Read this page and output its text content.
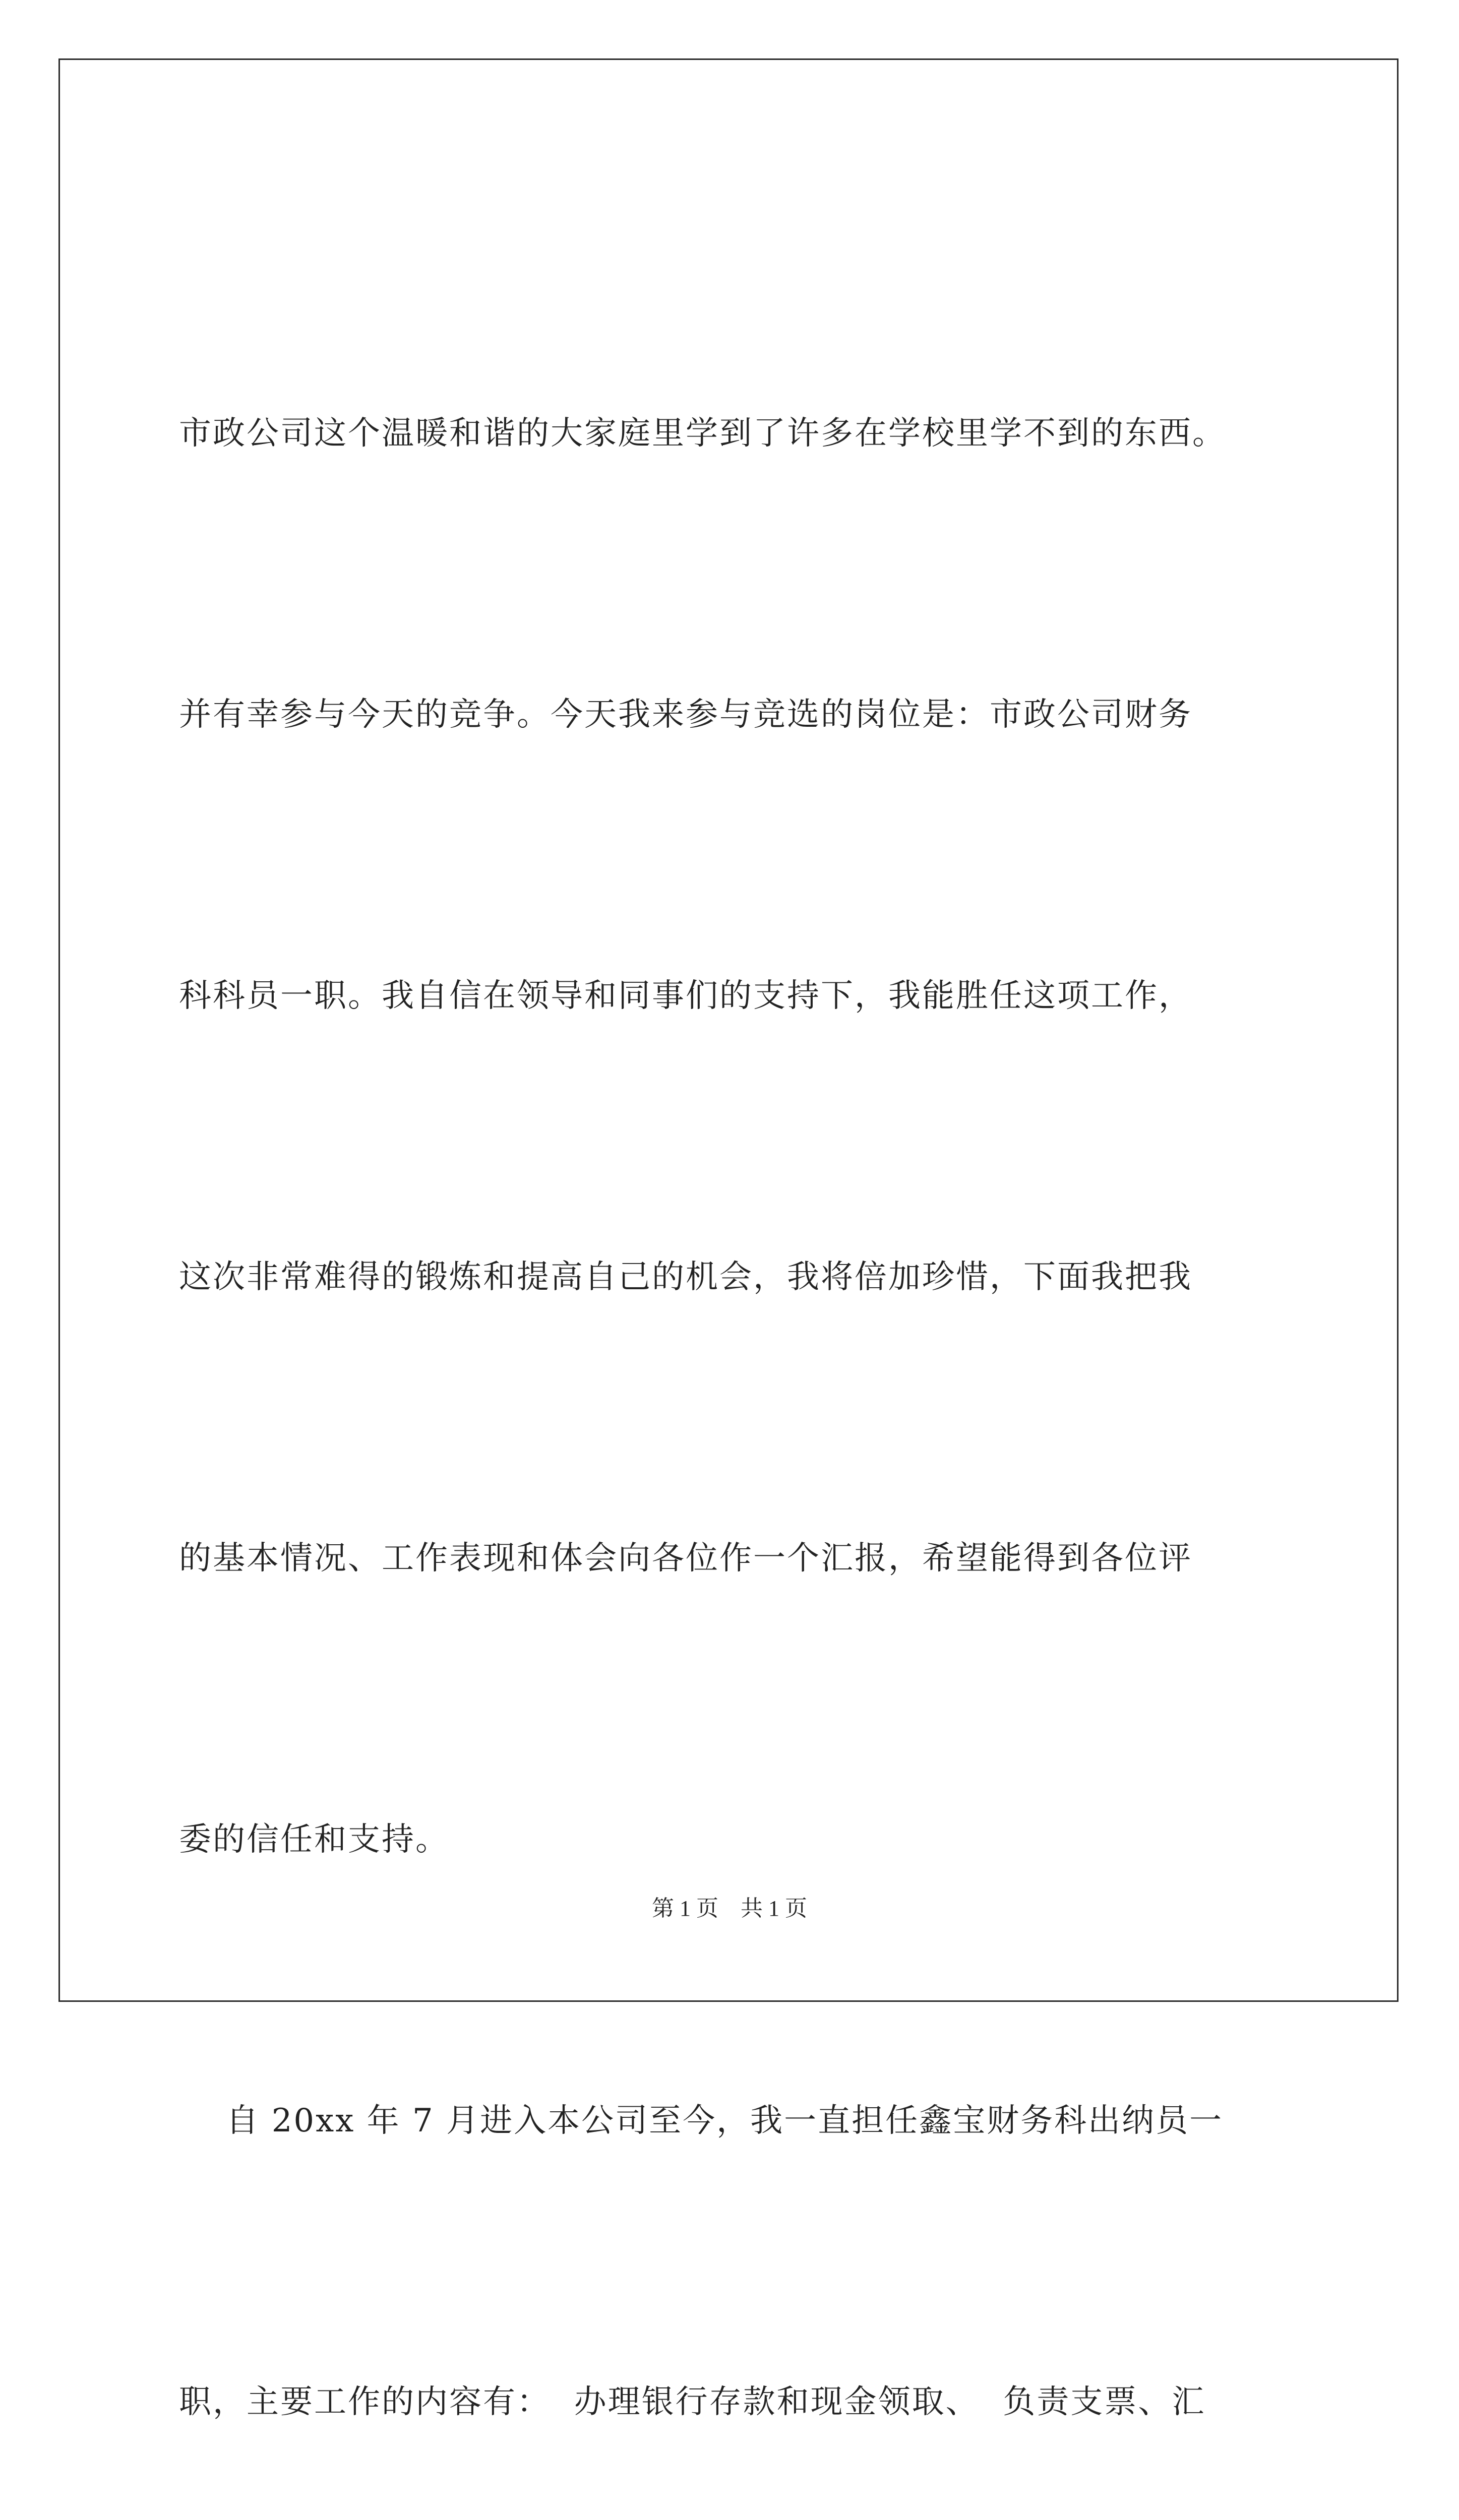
市政公司这个温暖和谐的大家庭里学到了许多在学校里学不到的东西。

并有幸参与今天的竞争。今天我来参与竞选的岗位是：市政公司财务

科科员一职。我自信在领导和同事们的支持下，我能胜任这项工作，

这次非常难得的锻炼和提高自己的机会，我将倍加珍惜，下面我把我

的基本情况、工作表现和体会向各位作一个汇报，希望能得到各位评

委的信任和支持。

自 20xx 年 7 月进入本公司至今，我一直担任鑫宝财务科出纳员一

职，主要工作的内容有：  办理银行存款和现金领取、  负责支票、汇

第 1 页    共 1 页
